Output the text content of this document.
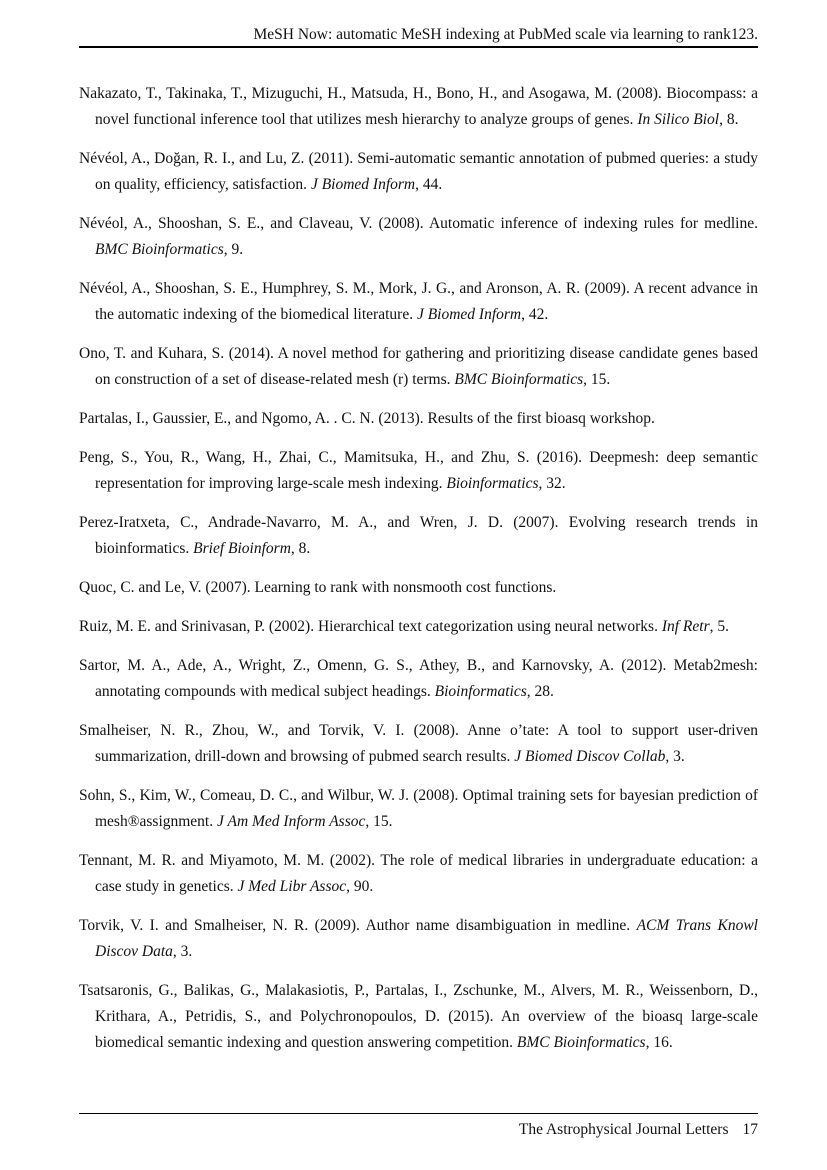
MeSH Now: automatic MeSH indexing at PubMed scale via learning to rank123.
Nakazato, T., Takinaka, T., Mizuguchi, H., Matsuda, H., Bono, H., and Asogawa, M. (2008). Biocompass: a novel functional inference tool that utilizes mesh hierarchy to analyze groups of genes. In Silico Biol, 8.
Névéol, A., Doğan, R. I., and Lu, Z. (2011). Semi-automatic semantic annotation of pubmed queries: a study on quality, efficiency, satisfaction. J Biomed Inform, 44.
Névéol, A., Shooshan, S. E., and Claveau, V. (2008). Automatic inference of indexing rules for medline. BMC Bioinformatics, 9.
Névéol, A., Shooshan, S. E., Humphrey, S. M., Mork, J. G., and Aronson, A. R. (2009). A recent advance in the automatic indexing of the biomedical literature. J Biomed Inform, 42.
Ono, T. and Kuhara, S. (2014). A novel method for gathering and prioritizing disease candidate genes based on construction of a set of disease-related mesh (r) terms. BMC Bioinformatics, 15.
Partalas, I., Gaussier, E., and Ngomo, A. . C. N. (2013). Results of the first bioasq workshop.
Peng, S., You, R., Wang, H., Zhai, C., Mamitsuka, H., and Zhu, S. (2016). Deepmesh: deep semantic representation for improving large-scale mesh indexing. Bioinformatics, 32.
Perez-Iratxeta, C., Andrade-Navarro, M. A., and Wren, J. D. (2007). Evolving research trends in bioinformatics. Brief Bioinform, 8.
Quoc, C. and Le, V. (2007). Learning to rank with nonsmooth cost functions.
Ruiz, M. E. and Srinivasan, P. (2002). Hierarchical text categorization using neural networks. Inf Retr, 5.
Sartor, M. A., Ade, A., Wright, Z., Omenn, G. S., Athey, B., and Karnovsky, A. (2012). Metab2mesh: annotating compounds with medical subject headings. Bioinformatics, 28.
Smalheiser, N. R., Zhou, W., and Torvik, V. I. (2008). Anne o’tate: A tool to support user-driven summarization, drill-down and browsing of pubmed search results. J Biomed Discov Collab, 3.
Sohn, S., Kim, W., Comeau, D. C., and Wilbur, W. J. (2008). Optimal training sets for bayesian prediction of mesh®assignment. J Am Med Inform Assoc, 15.
Tennant, M. R. and Miyamoto, M. M. (2002). The role of medical libraries in undergraduate education: a case study in genetics. J Med Libr Assoc, 90.
Torvik, V. I. and Smalheiser, N. R. (2009). Author name disambiguation in medline. ACM Trans Knowl Discov Data, 3.
Tsatsaronis, G., Balikas, G., Malakasiotis, P., Partalas, I., Zschunke, M., Alvers, M. R., Weissenborn, D., Krithara, A., Petridis, S., and Polychronopoulos, D. (2015). An overview of the bioasq large-scale biomedical semantic indexing and question answering competition. BMC Bioinformatics, 16.
The Astrophysical Journal Letters 17
